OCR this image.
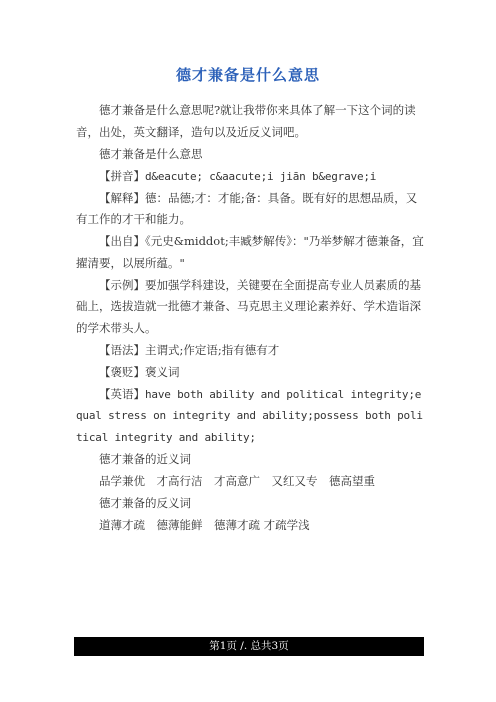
德才兼备是什么意思

德才兼备是什么意思呢?就让我带你来具体了解一下这个词的读音，出处，英文翻译，造句以及近反义词吧。

德才兼备是什么意思

【拼音】d&eacute; c&aacute;i jiān b&egrave;i

【解释】德：品德;才：才能;备：具备。既有好的思想品质，又有工作的才干和能力。

【出自】《元史&middot;丰臧梦解传》："乃举梦解才德兼备，宜擢清要，以展所蕴。"

【示例】要加强学科建设，关键要在全面提高专业人员素质的基础上，选拔造就一批德才兼备、马克思主义理论素养好、学术造诣深的学术带头人。

【语法】主谓式;作定语;指有德有才

【褒贬】褒义词

【英语】have both ability and political integrity;equal stress on integrity and ability;possess both political integrity and ability;

德才兼备的近义词

品学兼优　才高行洁　才高意广　又红又专　德高望重

德才兼备的反义词

道薄才疏　德薄能鲜　德薄才疏 才疏学浅

第1页 /. 总共3页
